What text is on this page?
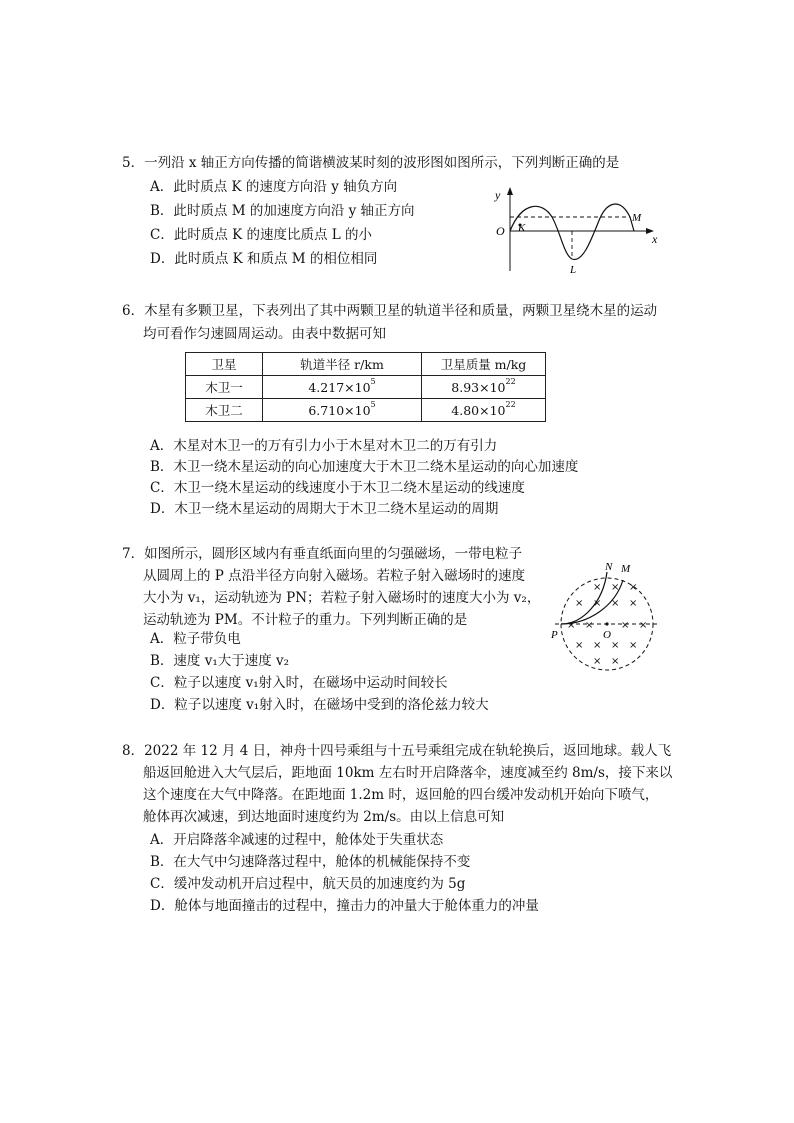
5．一列沿 x 轴正方向传播的简谐横波某时刻的波形图如图所示，下列判断正确的是
A．此时质点 K 的速度方向沿 y 轴负方向
B．此时质点 M 的加速度方向沿 y 轴正方向
C．此时质点 K 的速度比质点 L 的小
D．此时质点 K 和质点 M 的相位相同
y
x
O K
L
M
6．木星有多颗卫星，下表列出了其中两颗卫星的轨道半径和质量，两颗卫星绕木星的运动
均可看作匀速圆周运动。由表中数据可知
卫星	轨道半径 r/km	卫星质量 m/kg
木卫一	$4.217\times 10^5$	$8.93\times 10^{22}$
木卫二	$6.710\times 10^5$	$4.80\times 10^{22}$
A．木星对木卫一的万有引力小于木星对木卫二的万有引力
B．木卫一绕木星运动的向心加速度大于木卫二绕木星运动的向心加速度
C．木卫一绕木星运动的线速度小于木卫二绕木星运动的线速度
D．木卫一绕木星运动的周期大于木卫二绕木星运动的周期
7．如图所示，圆形区域内有垂直纸面向里的匀强磁场，一带电粒子
从圆周上的 P 点沿半径方向射入磁场。若粒子射入磁场时的速度
大小为 v₁，运动轨迹为 PN；若粒子射入磁场时的速度大小为 v₂，
运动轨迹为 PM。不计粒子的重力。下列判断正确的是
A．粒子带负电
B．速度 v₁大于速度 v₂
C．粒子以速度 v₁射入时，在磁场中运动时间较长
D．粒子以速度 v₁射入时，在磁场中受到的洛伦兹力较大
× × × ×
× × ×
× ×	× ×
× × × ×
× ×
N M
P	O
8．2022 年 12 月 4 日，神舟十四号乘组与十五号乘组完成在轨轮换后，返回地球。载人飞
船返回舱进入大气层后，距地面 10km 左右时开启降落伞，速度减至约 8m/s，接下来以
这个速度在大气中降落。在距地面 1.2m 时，返回舱的四台缓冲发动机开始向下喷气，
舱体再次减速，到达地面时速度约为 2m/s。由以上信息可知
A．开启降落伞减速的过程中，舱体处于失重状态
B．在大气中匀速降落过程中，舱体的机械能保持不变
C．缓冲发动机开启过程中，航天员的加速度约为 5g
D．舱体与地面撞击的过程中，撞击力的冲量大于舱体重力的冲量
